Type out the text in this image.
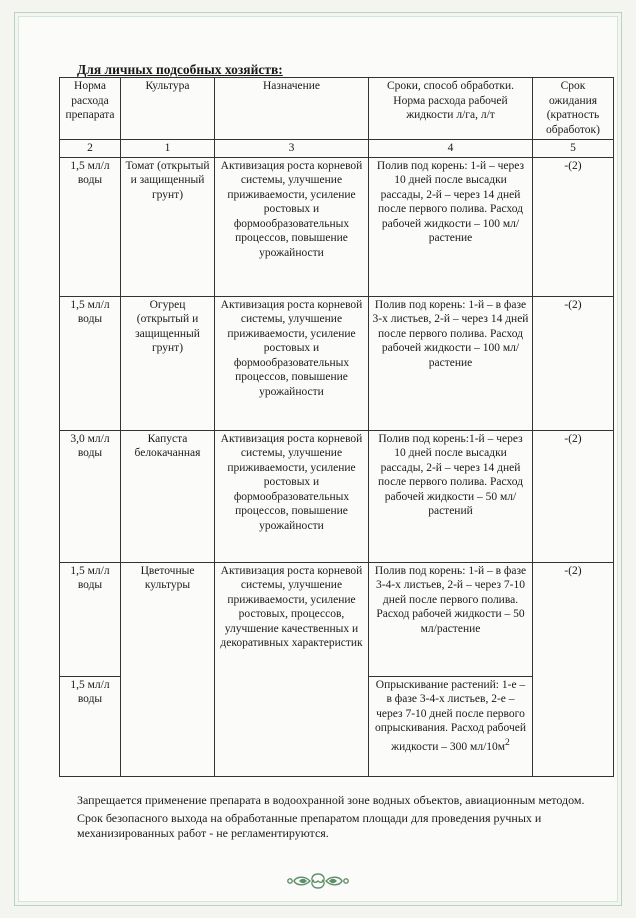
Для личных подсобных хозяйств:
Норма расхода препарата	Культура	Назначение	Сроки, способ обработки. Норма расхода рабочей жидкости л/га, л/т	Срок ожидания (кратность обработок)
2	1	3	4	5
1,5 мл/л воды	Томат (открытый и защищенный грунт)	Активизация роста корневой системы, улучшение приживаемости, усиление ростовых и формообразовательных процессов, повышение урожайности	Полив под корень: 1-й – через 10 дней после высадки рассады, 2-й – через 14 дней после первого полива. Расход рабочей жидкости – 100 мл/растение	-(2)
1,5 мл/л воды	Огурец (открытый и защищенный грунт)	Активизация роста корневой системы, улучшение приживаемости, усиление ростовых и формообразовательных процессов, повышение урожайности	Полив под корень: 1-й – в фазе 3-х листьев, 2-й – через 14 дней после первого полива. Расход рабочей жидкости – 100 мл/растение	-(2)
3,0 мл/л воды	Капуста белокачанная	Активизация роста корневой системы, улучшение приживаемости, усиление ростовых и формообразовательных процессов, повышение урожайности	Полив под корень:1-й – через 10 дней после высадки рассады, 2-й – через 14 дней после первого полива. Расход рабочей жидкости – 50 мл/растений	-(2)
1,5 мл/л воды	Цветочные культуры	Активизация роста корневой системы, улучшение приживаемости, усиление ростовых, процессов, улучшение качественных и декоративных характеристик	Полив под корень: 1-й – в фазе 3-4-х листьев, 2-й – через 7-10 дней после первого полива. Расход рабочей жидкости – 50 мл/растение	-(2)
1,5 мл/л воды			Опрыскивание растений: 1-е – в фазе 3-4-х листьев, 2-е – через 7-10 дней после первого опрыскивания. Расход рабочей жидкости – 300 $мл/10м^2$

Запрещается применение препарата в водоохранной зоне водных объектов, авиационным методом.

Срок безопасного выхода на обработанные препаратом площади для проведения ручных и механизированных работ - не регламентируются.
